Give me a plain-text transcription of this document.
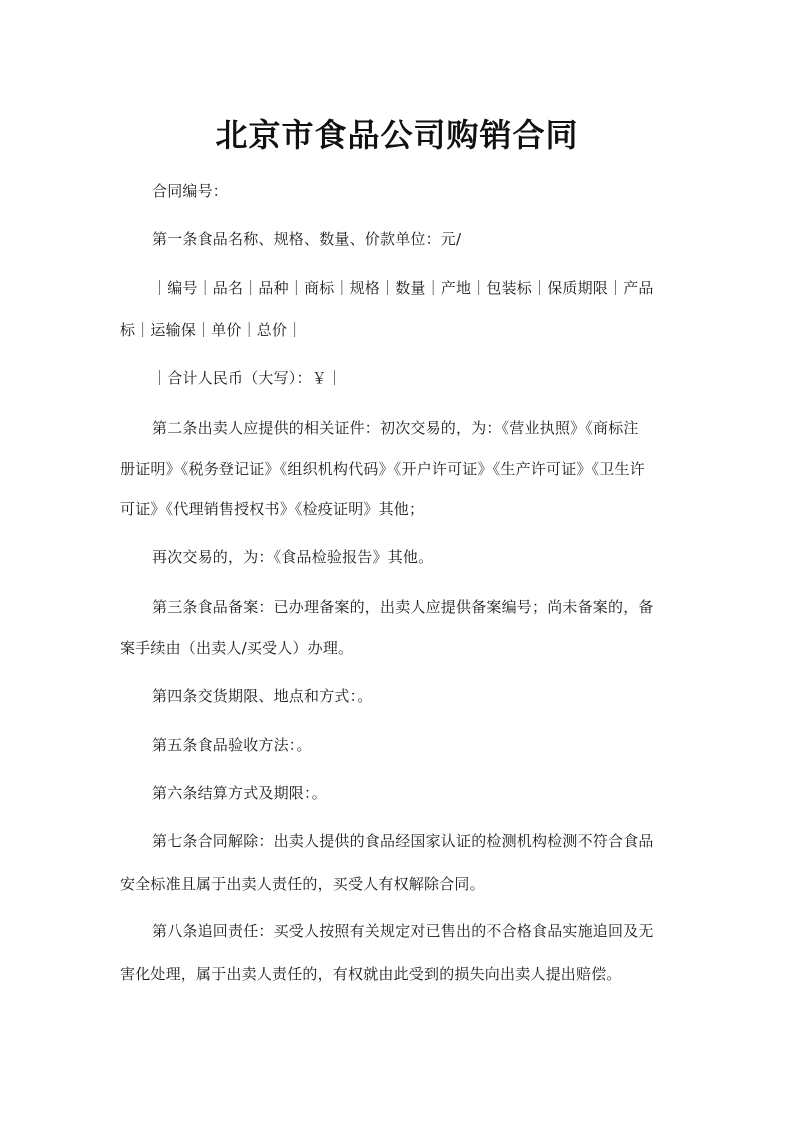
北京市食品公司购销合同
合同编号：
第一条食品名称、规格、数量、价款单位：元/
｜编号｜品名｜品种｜商标｜规格｜数量｜产地｜包装标｜保质期限｜产品
标｜运输保｜单价｜总价｜
｜合计人民币（大写）：￥｜
第二条出卖人应提供的相关证件：初次交易的，为：《营业执照》《商标注
册证明》《税务登记证》《组织机构代码》《开户许可证》《生产许可证》《卫生许
可证》《代理销售授权书》《检疫证明》其他；
再次交易的，为：《食品检验报告》其他。
第三条食品备案：已办理备案的，出卖人应提供备案编号；尚未备案的，备
案手续由（出卖人/买受人）办理。
第四条交货期限、地点和方式：。
第五条食品验收方法：。
第六条结算方式及期限：。
第七条合同解除：出卖人提供的食品经国家认证的检测机构检测不符合食品
安全标准且属于出卖人责任的，买受人有权解除合同。
第八条追回责任：买受人按照有关规定对已售出的不合格食品实施追回及无
害化处理，属于出卖人责任的，有权就由此受到的损失向出卖人提出赔偿。
